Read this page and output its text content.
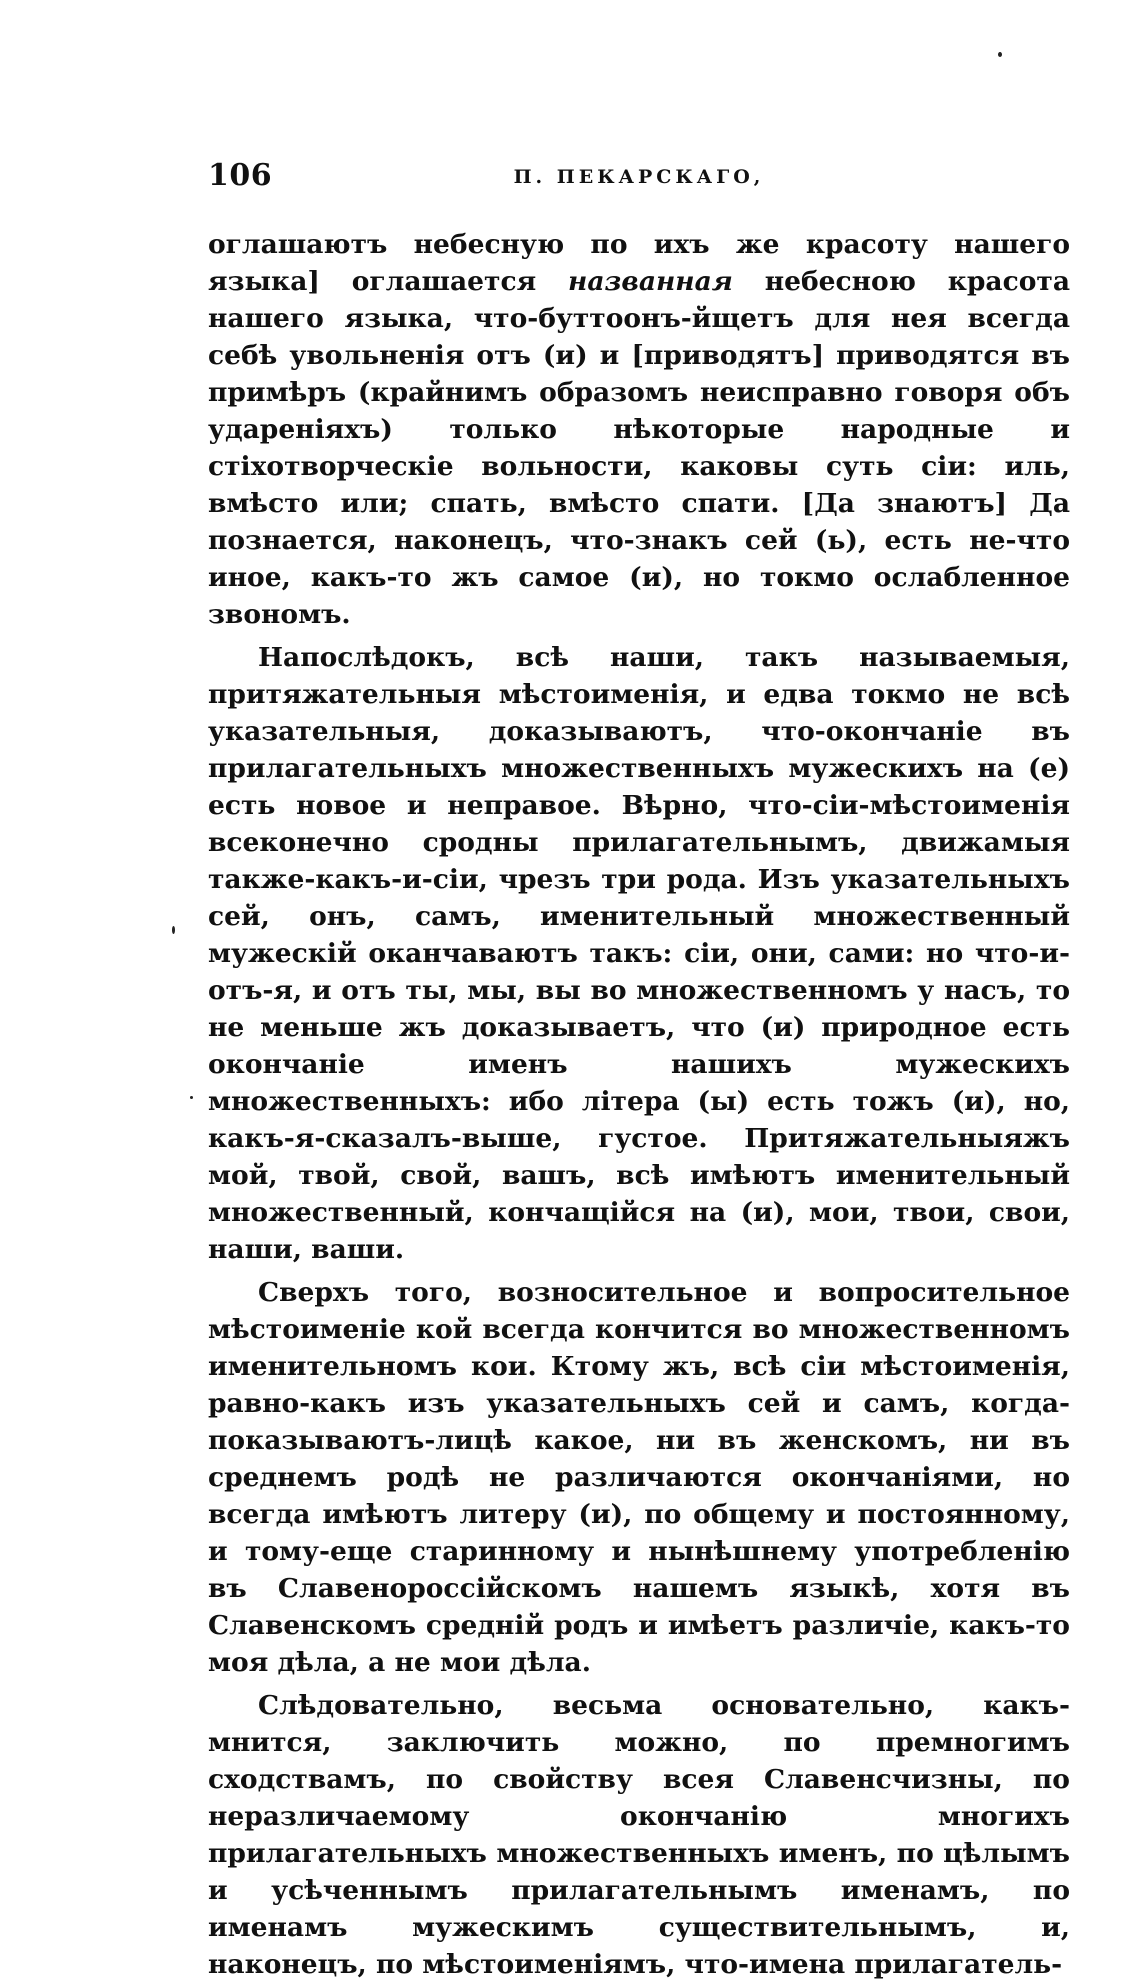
106	П. ПЕКАРСКАГО,

оглашаютъ небесную по ихъ же красоту нашего языка] оглашается названная небесною красота нашего языка, что-буттоонъ-йщетъ для нея всегда себѣ увольненія отъ (и) и [приводятъ] приводятся въ примѣръ (крайнимъ образомъ неисправно говоря объ удареніяхъ) только нѣкоторые народные и стіхотворческіе вольности, каковы суть сіи: иль, вмѣсто или; спать, вмѣсто спати. [Да знаютъ] Да познается, наконецъ, что-знакъ сей (ь), есть не-что иное, какъ-то жъ самое (и), но токмо ослабленное звономъ.

Напослѣдокъ, всѣ наши, такъ называемыя, притяжательныя мѣстоименія, и едва токмо не всѣ указательныя, доказываютъ, что-окончаніе въ прилагательныхъ множественныхъ мужескихъ на (е) есть новое и неправое. Вѣрно, что-сіи-мѣстоименія всеконечно сродны прилагательнымъ, движамыя также-какъ-и-сіи, чрезъ три рода. Изъ указательныхъ сей, онъ, самъ, именительный множественный мужескій оканчаваютъ такъ: сіи, они, сами: но что-и-отъ-я, и отъ ты, мы, вы во множественномъ у насъ, то не меньше жъ доказываетъ, что (и) природное есть окончаніе именъ нашихъ мужескихъ множественныхъ: ибо літера (ы) есть тожъ (и), но, какъ-я-сказалъ-выше, густое. Притяжательныяжъ мой, твой, свой, вашъ, всѣ имѣютъ именительный множественный, кончащійся на (и), мои, твои, свои, наши, ваши.

Сверхъ того, возносительное и вопросительное мѣстоименіе кой всегда кончится во множественномъ именительномъ кои. Ктому жъ, всѣ сіи мѣстоименія, равно-какъ изъ указательныхъ сей и самъ, когда-показываютъ-лицѣ какое, ни въ женскомъ, ни въ среднемъ родѣ не различаются окончаніями, но всегда имѣютъ литеру (и), по общему и постоянному, и тому-еще старинному и нынѣшнему употребленію въ Славенороссійскомъ нашемъ языкѣ, хотя въ Славенскомъ средній родъ и имѣетъ различіе, какъ-то моя дѣла, а не мои дѣла.

Слѣдовательно, весьма основательно, какъ-мнится, заключить можно, по премногимъ сходствамъ, по свойству всея Славенсчизны, по неразличаемому окончанію многихъ прилагательныхъ множественныхъ именъ, по цѣлымъ и усѣченнымъ прилагательнымъ именамъ, по именамъ мужескимъ существительнымъ, и, наконецъ, по мѣстоименіямъ, что-имена прилагатель-
